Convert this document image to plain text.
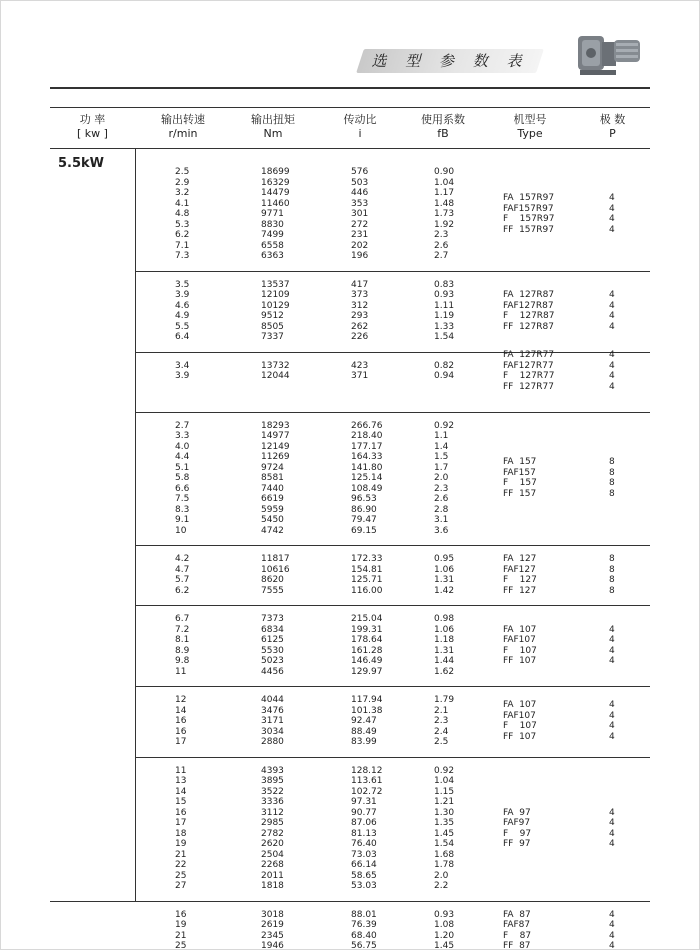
选 型 参 数 表
功 率
[ kw ]
输出转速
r/min
输出扭矩
Nm
传动比
i
使用系数
fB
机型号
Type
极 数
P
5.5kW
2.5
2.9
3.2
4.1
4.8
5.3
6.2
7.1
7.3
18699
16329
14479
11460
9771
8830
7499
6558
6363
576
503
446
353
301
272
231
202
196
0.90
1.04
1.17
1.48
1.73
1.92
2.3
2.6
2.7
FA  157R97
FAF157R97
F    157R97
FF  157R97
4
4
4
4
3.5
3.9
4.6
4.9
5.5
6.4
13537
12109
10129
9512
8505
7337
417
373
312
293
262
226
0.83
0.93
1.11
1.19
1.33
1.54
FA  127R87
FAF127R87
F    127R87
FF  127R87
4
4
4
4
3.4
3.9
13732
12044
423
371
0.82
0.94
FA  127R77
FAF127R77
F    127R77
FF  127R77
4
4
4
4
2.7
3.3
4.0
4.4
5.1
5.8
6.6
7.5
8.3
9.1
10
18293
14977
12149
11269
9724
8581
7440
6619
5959
5450
4742
266.76
218.40
177.17
164.33
141.80
125.14
108.49
96.53
86.90
79.47
69.15
0.92
1.1
1.4
1.5
1.7
2.0
2.3
2.6
2.8
3.1
3.6
FA  157
FAF157
F    157
FF  157
8
8
8
8
4.2
4.7
5.7
6.2
11817
10616
8620
7555
172.33
154.81
125.71
116.00
0.95
1.06
1.31
1.42
FA  127
FAF127
F    127
FF  127
8
8
8
8
6.7
7.2
8.1
8.9
9.8
11
7373
6834
6125
5530
5023
4456
215.04
199.31
178.64
161.28
146.49
129.97
0.98
1.06
1.18
1.31
1.44
1.62
FA  107
FAF107
F    107
FF  107
4
4
4
4
12
14
16
16
17
4044
3476
3171
3034
2880
117.94
101.38
92.47
88.49
83.99
1.79
2.1
2.3
2.4
2.5
FA  107
FAF107
F    107
FF  107
4
4
4
4
11
13
14
15
16
17
18
19
21
22
25
27
4393
3895
3522
3336
3112
2985
2782
2620
2504
2268
2011
1818
128.12
113.61
102.72
97.31
90.77
87.06
81.13
76.40
73.03
66.14
58.65
53.03
0.92
1.04
1.15
1.21
1.30
1.35
1.45
1.54
1.68
1.78
2.0
2.2
FA  97
FAF97
F    97
FF  97
4
4
4
4
16
19
21
25
3018
2619
2345
1946
88.01
76.39
68.40
56.75
0.93
1.08
1.20
1.45
FA  87
FAF87
F    87
FF  87
4
4
4
4
